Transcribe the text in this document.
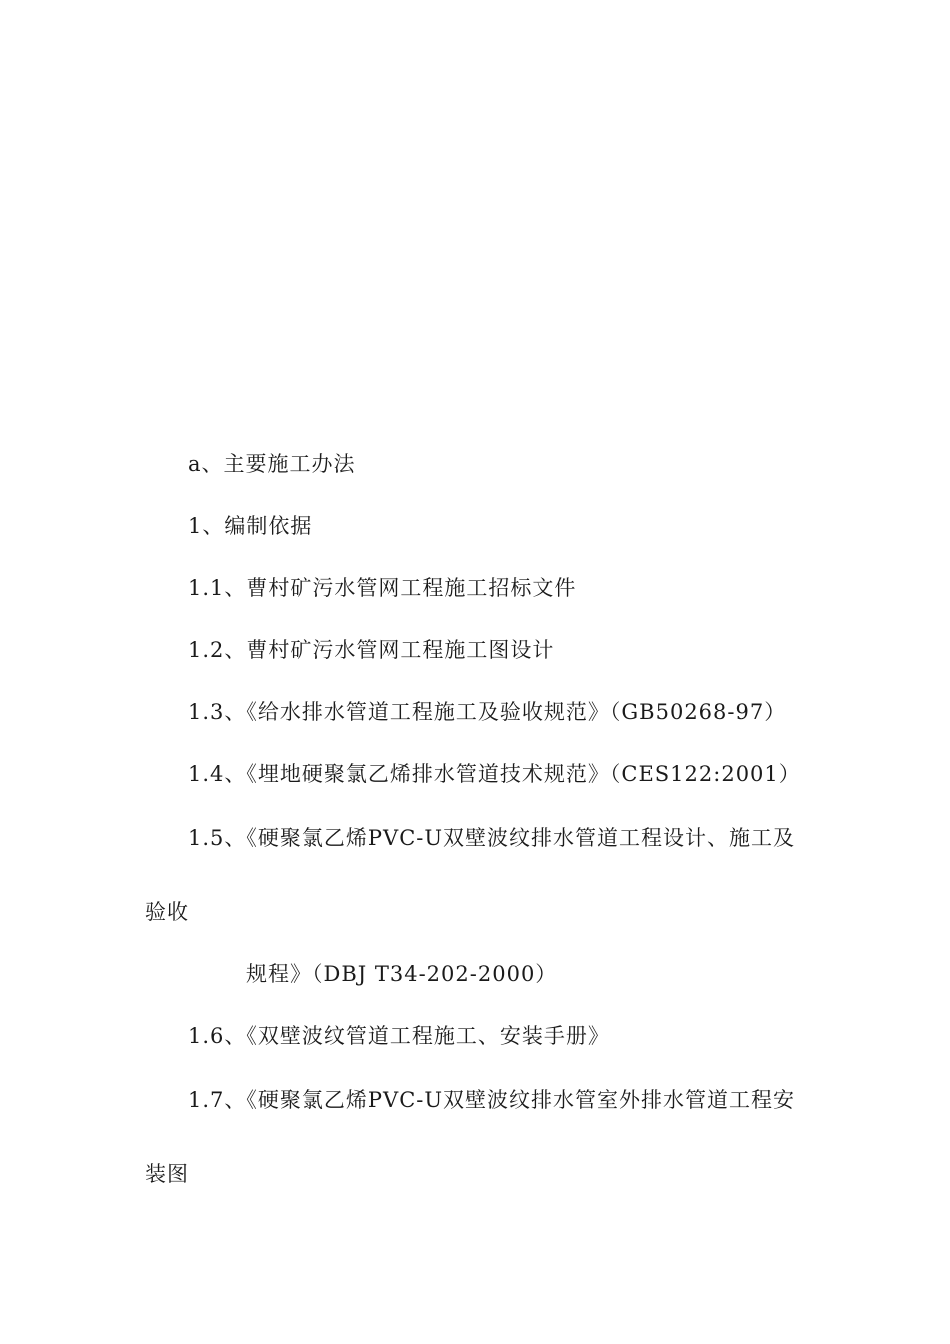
a、主要施工办法
1、编制依据
1.1、曹村矿污水管网工程施工招标文件
1.2、曹村矿污水管网工程施工图设计
1.3、《给水排水管道工程施工及验收规范》（GB50268-97）
1.4、《埋地硬聚氯乙烯排水管道技术规范》（CES122:2001）
1.5、《硬聚氯乙烯PVC-U双壁波纹排水管道工程设计、施工及
验收
规程》（DBJ T34-202-2000）
1.6、《双壁波纹管道工程施工、安装手册》
1.7、《硬聚氯乙烯PVC-U双壁波纹排水管室外排水管道工程安
装图
